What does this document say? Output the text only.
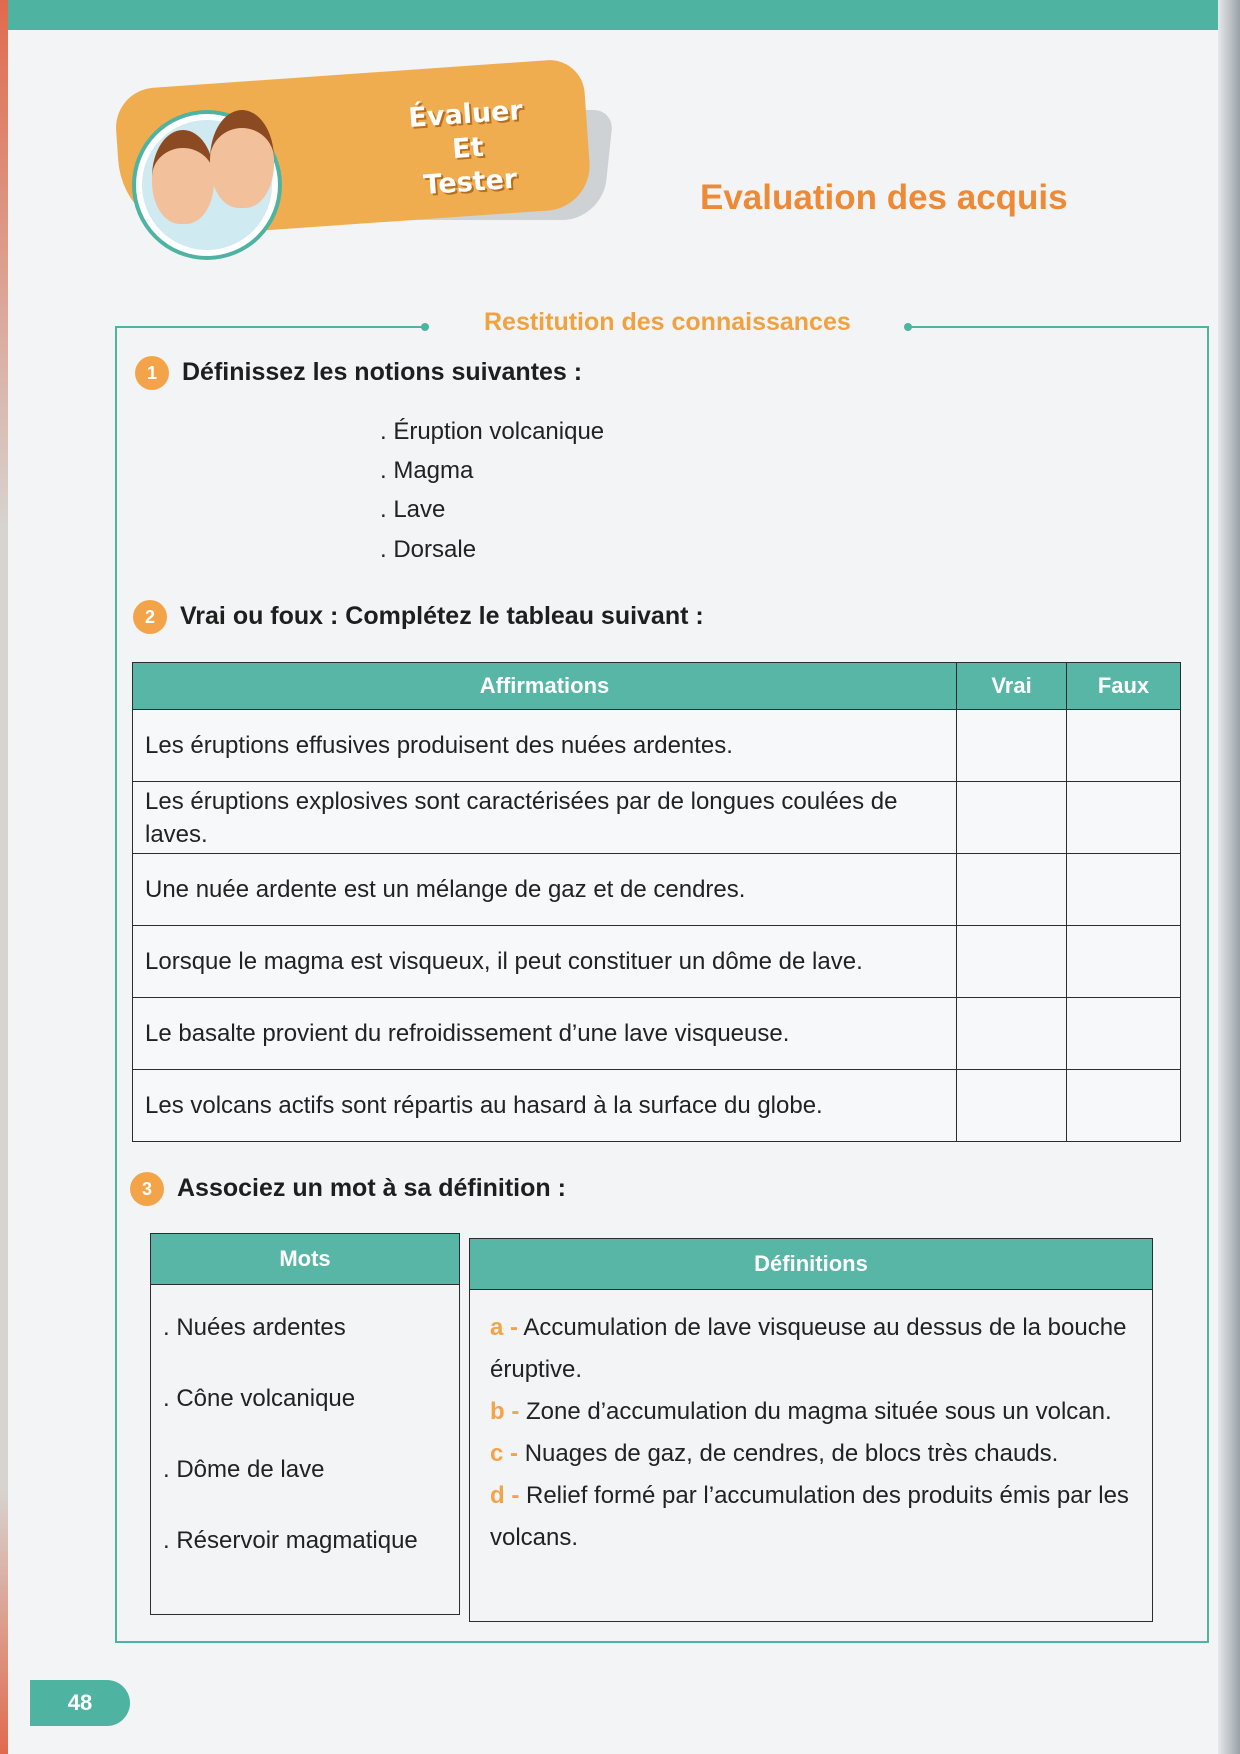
Évaluer
Et
Tester	Evaluation des acquis
Restitution des connaissances
1	Définissez les notions suivantes :
. Éruption volcanique
. Magma
. Lave
. Dorsale
2	Vrai ou foux : Complétez le tableau suivant :
Affirmations	Vrai	Faux
Les éruptions effusives produisent des nuées ardentes.		
Les éruptions explosives sont caractérisées par de longues coulées de laves.		
Une nuée ardente est un mélange de gaz et de cendres.		
Lorsque le magma est visqueux, il peut constituer un dôme de lave.		
Le basalte provient du refroidissement d’une lave visqueuse.		
Les volcans actifs sont répartis au hasard à la surface du globe.		
3	Associez un mot à sa définition :
Mots
. Nuées ardentes
. Cône volcanique
. Dôme de lave
. Réservoir magmatique
Définitions
a - Accumulation de lave visqueuse au dessus de la bouche éruptive.
b - Zone d’accumulation du magma située sous un volcan.
c - Nuages de gaz, de cendres, de blocs très chauds.
d - Relief formé par l’accumulation des produits émis par les volcans.
48
